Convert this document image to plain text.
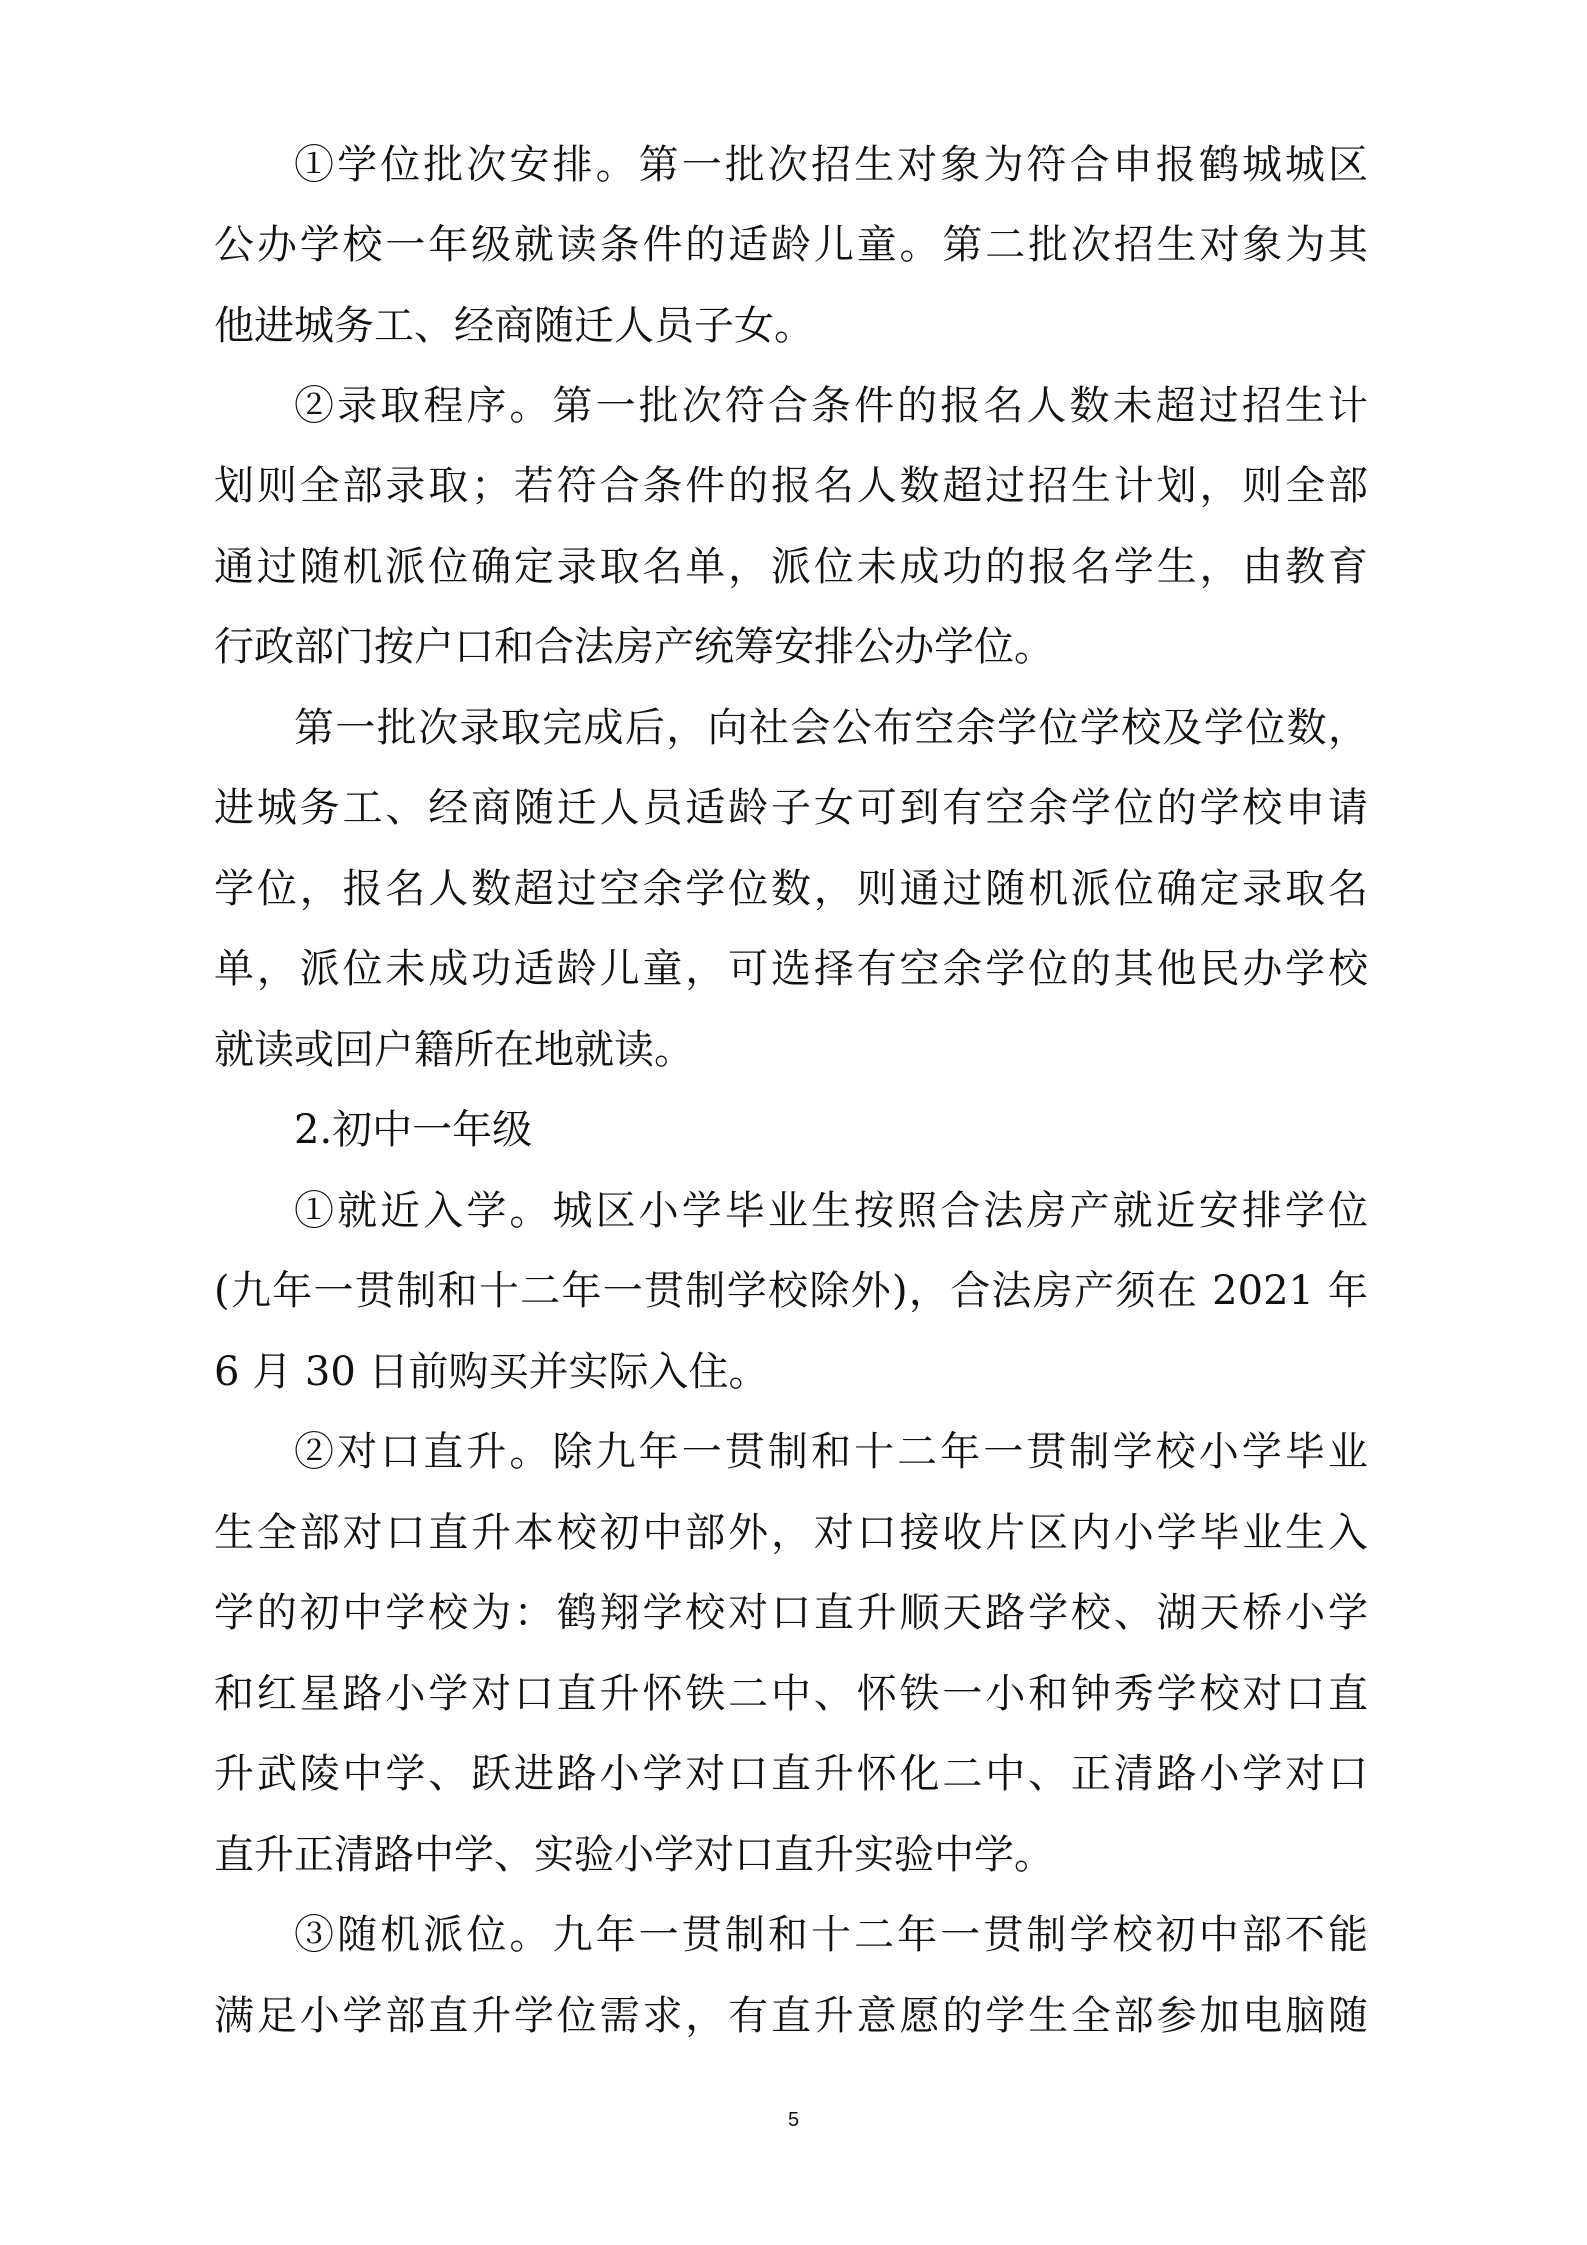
①学位批次安排。第一批次招生对象为符合申报鹤城城区
公办学校一年级就读条件的适龄儿童。第二批次招生对象为其
他进城务工、经商随迁人员子女。
②录取程序。第一批次符合条件的报名人数未超过招生计
划则全部录取；若符合条件的报名人数超过招生计划，则全部
通过随机派位确定录取名单，派位未成功的报名学生，由教育
行政部门按户口和合法房产统筹安排公办学位。
第一批次录取完成后，向社会公布空余学位学校及学位数，
进城务工、经商随迁人员适龄子女可到有空余学位的学校申请
学位，报名人数超过空余学位数，则通过随机派位确定录取名
单，派位未成功适龄儿童，可选择有空余学位的其他民办学校
就读或回户籍所在地就读。
2.初中一年级
①就近入学。城区小学毕业生按照合法房产就近安排学位
(九年一贯制和十二年一贯制学校除外)，合法房产须在 2021 年
6 月 30 日前购买并实际入住。
②对口直升。除九年一贯制和十二年一贯制学校小学毕业
生全部对口直升本校初中部外，对口接收片区内小学毕业生入
学的初中学校为：鹤翔学校对口直升顺天路学校、湖天桥小学
和红星路小学对口直升怀铁二中、怀铁一小和钟秀学校对口直
升武陵中学、跃进路小学对口直升怀化二中、正清路小学对口
直升正清路中学、实验小学对口直升实验中学。
③随机派位。九年一贯制和十二年一贯制学校初中部不能
满足小学部直升学位需求，有直升意愿的学生全部参加电脑随
5
